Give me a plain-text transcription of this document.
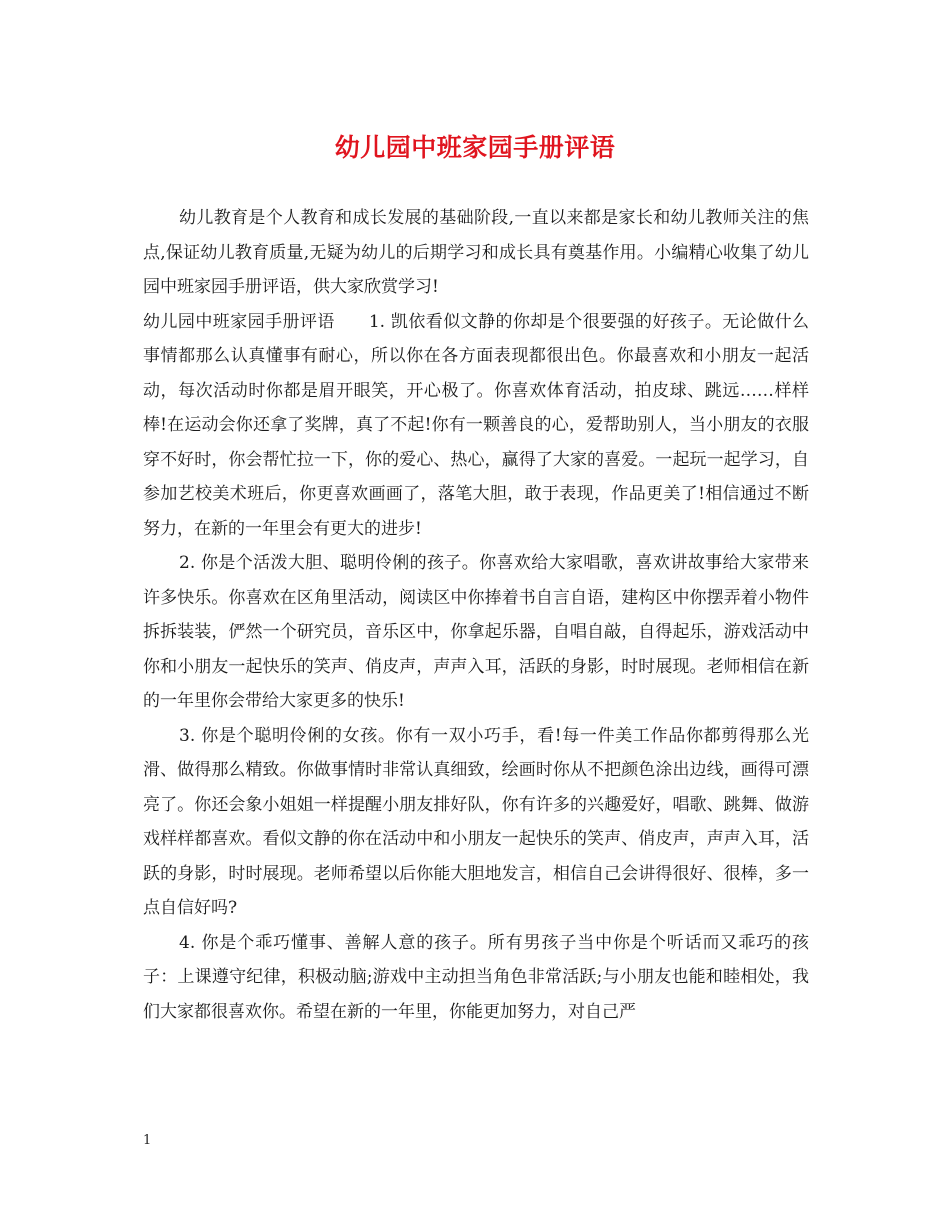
幼儿园中班家园手册评语

幼儿教育是个人教育和成长发展的基础阶段,一直以来都是家长和幼儿教师关注的焦点,保证幼儿教育质量,无疑为幼儿的后期学习和成长具有奠基作用。小编精心收集了幼儿园中班家园手册评语，供大家欣赏学习!

幼儿园中班家园手册评语   1. 凯依看似文静的你却是个很要强的好孩子。无论做什么事情都那么认真懂事有耐心，所以你在各方面表现都很出色。你最喜欢和小朋友一起活动，每次活动时你都是眉开眼笑，开心极了。你喜欢体育活动，拍皮球、跳远……样样棒!在运动会你还拿了奖牌，真了不起!你有一颗善良的心，爱帮助别人，当小朋友的衣服穿不好时，你会帮忙拉一下，你的爱心、热心，赢得了大家的喜爱。一起玩一起学习，自参加艺校美术班后，你更喜欢画画了，落笔大胆，敢于表现，作品更美了!相信通过不断努力，在新的一年里会有更大的进步!

2. 你是个活泼大胆、聪明伶俐的孩子。你喜欢给大家唱歌，喜欢讲故事给大家带来许多快乐。你喜欢在区角里活动，阅读区中你捧着书自言自语，建构区中你摆弄着小物件拆拆装装，俨然一个研究员，音乐区中，你拿起乐器，自唱自敲，自得起乐，游戏活动中你和小朋友一起快乐的笑声、俏皮声，声声入耳，活跃的身影，时时展现。老师相信在新的一年里你会带给大家更多的快乐!

3. 你是个聪明伶俐的女孩。你有一双小巧手，看!每一件美工作品你都剪得那么光滑、做得那么精致。你做事情时非常认真细致，绘画时你从不把颜色涂出边线，画得可漂亮了。你还会象小姐姐一样提醒小朋友排好队，你有许多的兴趣爱好，唱歌、跳舞、做游戏样样都喜欢。看似文静的你在活动中和小朋友一起快乐的笑声、俏皮声，声声入耳，活跃的身影，时时展现。老师希望以后你能大胆地发言，相信自己会讲得很好、很棒，多一点自信好吗?

4. 你是个乖巧懂事、善解人意的孩子。所有男孩子当中你是个听话而又乖巧的孩子：上课遵守纪律，积极动脑;游戏中主动担当角色非常活跃;与小朋友也能和睦相处，我们大家都很喜欢你。希望在新的一年里，你能更加努力，对自己严

1
